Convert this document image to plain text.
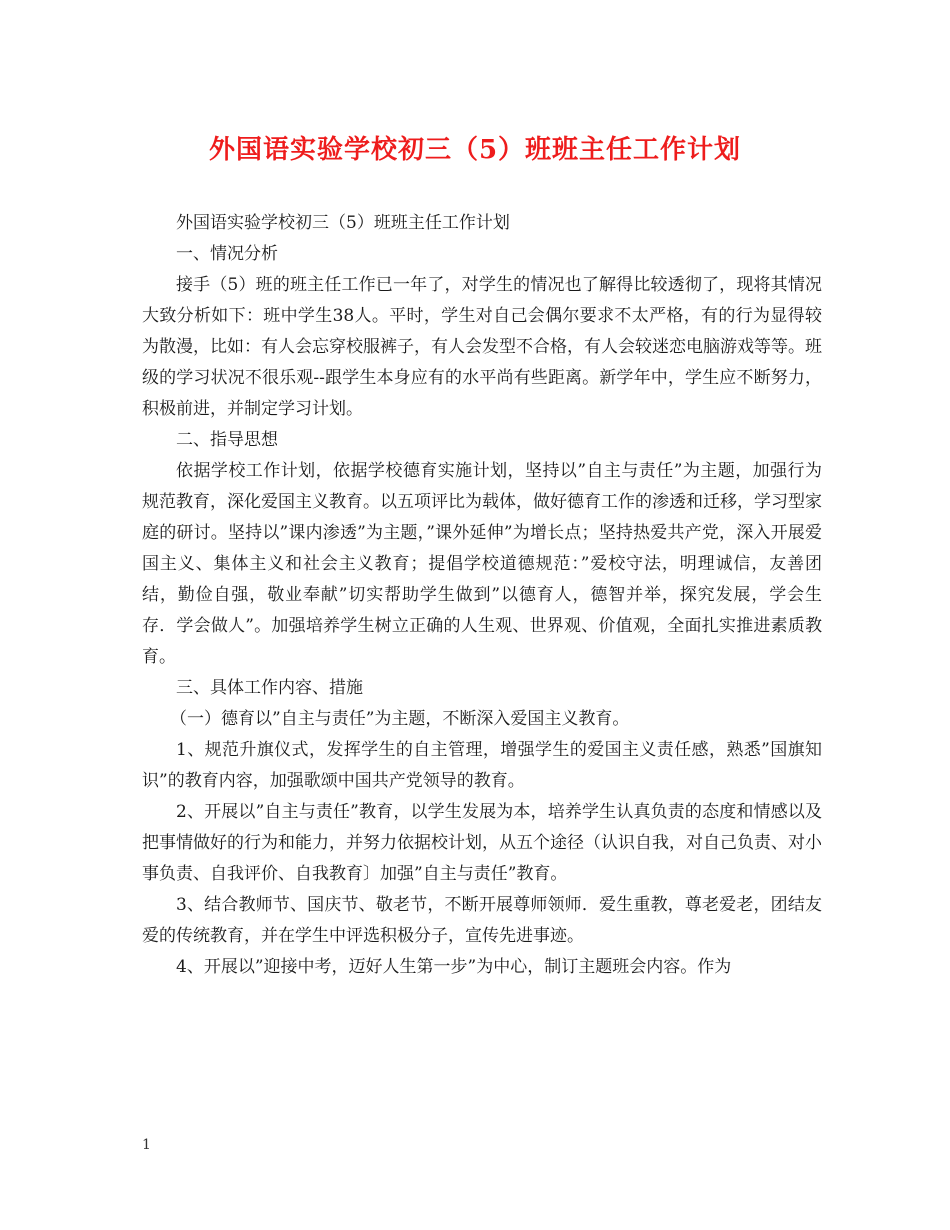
外国语实验学校初三（5）班班主任工作计划

外国语实验学校初三（5）班班主任工作计划

一、情况分析

接手（5）班的班主任工作已一年了，对学生的情况也了解得比较透彻了，现将其情况大致分析如下：班中学生38人。平时，学生对自己会偶尔要求不太严格，有的行为显得较为散漫，比如：有人会忘穿校服裤子，有人会发型不合格，有人会较迷恋电脑游戏等等。班级的学习状况不很乐观--跟学生本身应有的水平尚有些距离。新学年中，学生应不断努力，积极前进，并制定学习计划。

二、指导思想

依据学校工作计划，依据学校德育实施计划，坚持以”自主与责任”为主题，加强行为规范教育，深化爱国主义教育。以五项评比为载体，做好德育工作的渗透和迁移，学习型家庭的研讨。坚持以”课内渗透”为主题，”课外延伸”为增长点；坚持热爱共产党，深入开展爱国主义、集体主义和社会主义教育；提倡学校道德规范：”爱校守法，明理诚信，友善团结，勤俭自强，敬业奉献”切实帮助学生做到”以德育人，德智并举，探究发展，学会生存．学会做人”。加强培养学生树立正确的人生观、世界观、价值观，全面扎实推进素质教育。

三、具体工作内容、措施

（一）德育以”自主与责任”为主题，不断深入爱国主义教育。

1、规范升旗仪式，发挥学生的自主管理，增强学生的爱国主义责任感，熟悉”国旗知识”的教育内容，加强歌颂中国共产党领导的教育。

2、开展以”自主与责任”教育，以学生发展为本，培养学生认真负责的态度和情感以及把事情做好的行为和能力，并努力依据校计划，从五个途径（认识自我，对自己负责、对小事负责、自我评价、自我教育〕加强”自主与责任”教育。

3、结合教师节、国庆节、敬老节，不断开展尊师领师．爱生重教，尊老爱老，团结友爱的传统教育，并在学生中评选积极分子，宣传先进事迹。

4、开展以”迎接中考，迈好人生第一步”为中心，制订主题班会内容。作为

1
